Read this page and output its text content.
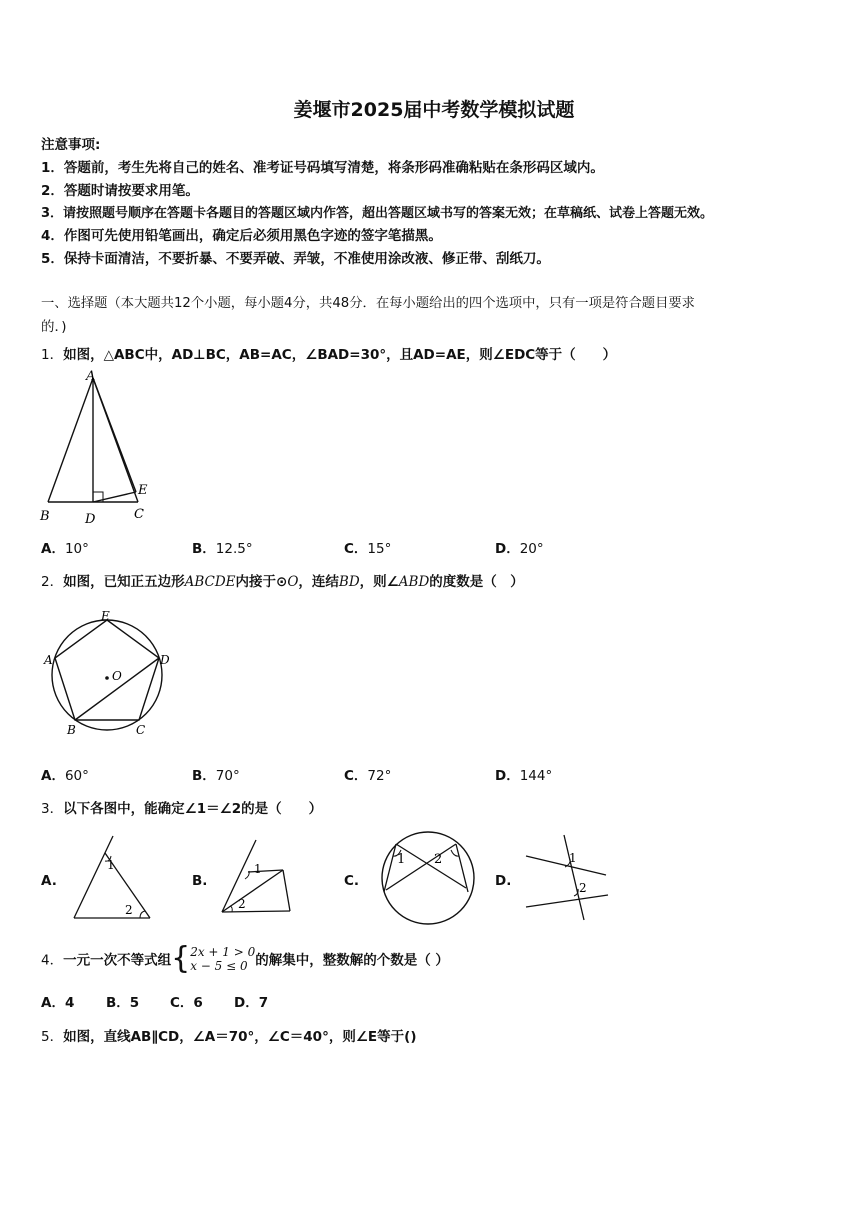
姜堰市2025届中考数学模拟试题
注意事项:
1．答题前，考生先将自己的姓名、准考证号码填写清楚，将条形码准确粘贴在条形码区域内。
2．答题时请按要求用笔。
3．请按照题号顺序在答题卡各题目的答题区域内作答，超出答题区域书写的答案无效；在草稿纸、试卷上答题无效。
4．作图可先使用铅笔画出，确定后必须用黑色字迹的签字笔描黑。
5．保持卡面清洁，不要折暴、不要弄破、弄皱，不准使用涂改液、修正带、刮纸刀。
一、选择题（本大题共12个小题，每小题4分，共48分．在每小题给出的四个选项中，只有一项是符合题目要求
的．)
1．如图，△ABC中，AD⊥BC，AB=AC，∠BAD=30°，且AD=AE，则∠EDC等于（　　）
A
B	D	C
E
A．10°	B．12.5°	C．15°	D．20°
2．如图，已知正五边形ABCDE内接于⊙O，连结BD，则∠ABD的度数是（　）
E
A	D
B	C
O
A．60°	B．70°	C．72°	D．144°
3．以下各图中，能确定∠1＝∠2的是（　　）
A.
1
2
B.
1
2
C.
1 2
D.
1
2
4．一元一次不等式组{2x + 1 > 0
x − 5 ≤ 0 的解集中，整数解的个数是（ ）
A．4 B．5 C．6 D．7
5．如图，直线AB∥CD，∠A＝70°，∠C＝40°，则∠E等于()
